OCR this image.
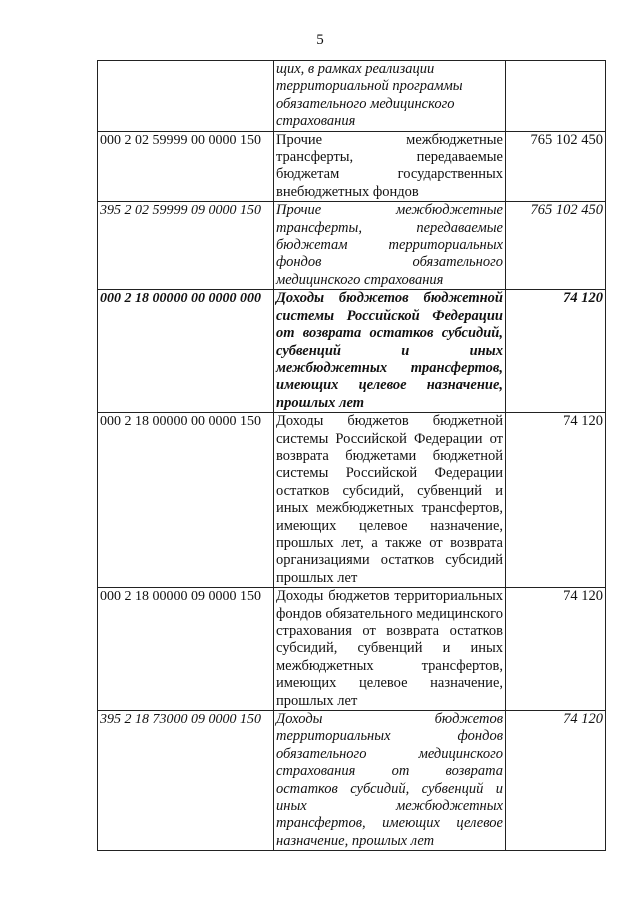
5
	щих, в рамках реализации территориальной программы обязательного медицинского страхования	
000 2 02 59999 00 0000 150	Прочие межбюджетные трансферты, передаваемые бюджетам государственных внебюджетных фондов	765 102 450
395 2 02 59999 09 0000 150	Прочие межбюджетные трансферты, передаваемые бюджетам территориальных фондов обязательного медицинского страхования	765 102 450
000 2 18 00000 00 0000 000	Доходы бюджетов бюджетной системы Российской Федерации от возврата остатков субсидий, субвенций и иных межбюджетных трансфертов, имеющих целевое назначение, прошлых лет	74 120
000 2 18 00000 00 0000 150	Доходы бюджетов бюджетной системы Российской Федерации от возврата бюджетами бюджетной системы Российской Федерации остатков субсидий, субвенций и иных межбюджетных трансфертов, имеющих целевое назначение, прошлых лет, а также от возврата организациями остатков субсидий прошлых лет	74 120
000 2 18 00000 09 0000 150	Доходы бюджетов территориальных фондов обязательного медицинского страхования от возврата остатков субсидий, субвенций и иных межбюджетных трансфертов, имеющих целевое назначение, прошлых лет	74 120
395 2 18 73000 09 0000 150	Доходы бюджетов территориальных фондов обязательного медицинского страхования от возврата остатков субсидий, субвенций и иных межбюджетных трансфертов, имеющих целевое назначение, прошлых лет	74 120
